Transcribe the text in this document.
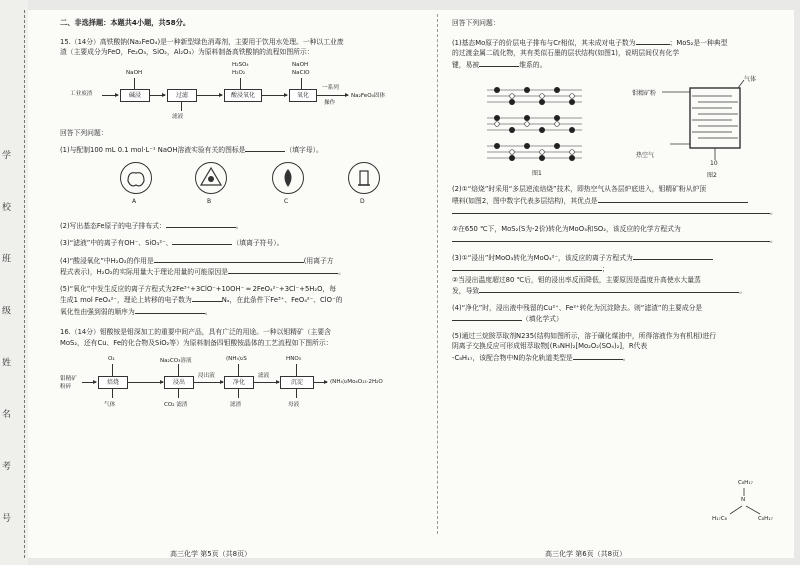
学 校 班 级 姓 名 考 号

二、非选择题：本题共4小题，共58分。

15.（14分）高铁酸钠(Na₂FeO₄)是一种新型绿色消毒剂，主要用于饮用水处理。一种以工业废

渣（主要成分为FeO，Fe₂O₃，SiO₂，Al₂O₃）为原料制备高铁酸钠的流程如图所示：

工业废渣
NaOH
碱浸	过滤
滤液
H₂SO₄
H₂O₂
酸浸氧化
NaOH
NaClO
氧化
一系列
操作
Na₂FeO₄固体

回答下列问题：

(1)与配制100 mL 0.1 mol·L⁻¹ NaOH溶液实验有关的图标是	（填字母）。

A	B	C	D

(2)写出基态Fe原子的电子排布式：	。

(3)“滤液”中的离子有OH⁻、SiO₃²⁻、	（填离子符号）。

(4)“酸浸氧化”中H₂O₂的作用是	(用离子方

程式表示)，H₂O₂的实际用量大于理论用量的可能原因是	。

(5)“氧化”中发生反应的离子方程式为2Fe³⁺+3ClO⁻+10OH⁻ ═ 2FeO₄²⁻+3Cl⁻+5H₂O，每

生成1 mol FeO₄²⁻，理论上转移的电子数为	Nₐ，在此条件下Fe³⁺、FeO₄²⁻、ClO⁻的

氧化性由强到弱的顺序为	。

16.（14分）钼酸铵是钼深加工的重要中间产品，具有广泛的用途。一种以钼精矿（主要含

MoS₂，还有Cu、Fe的化合物及SiO₂等）为原料制备四钼酸铵晶体的工艺流程如下图所示：

钼精矿
粉碎
O₂
焙烧
气体
Na₂CO₃溶液
浸出
CO₂ 滤渣
浸出液
(NH₄)₂S
净化
滤渣
滤液
HNO₃
沉淀
母液
(NH₄)₂Mo₄O₁₃·2H₂O
高三化学 第5页（共8页）

回答下列问题：

(1)基态Mo原子的价层电子排布与Cr相似，其未成对电子数为	；MoS₂是一种典型

的过渡金属二硫化物，其有类似石墨的层状结构(如图1)，说明层间仅有化学

键，易被	维系的。

图1
气体
钼精矿粉
热空气
10
图2

(2)①“焙烧”时采用“多层逆流焙烧”技术，即热空气从各层炉底进入，钼精矿粉从炉顶

喂料(如图2，图中数字代表多层结构)，其优点是

。

②在650 ℃下，MoS₂(S为-2价)转化为MoO₃和SO₂，该反应的化学方程式为

。

(3)①“浸出”时MoO₃转化为MoO₄²⁻，该反应的离子方程式为

；

②当浸出温度超过80 ℃后，钼的浸出率反而降低，主要原因是温度升高使水大量蒸

发，导致	。

(4)“净化”时，浸出液中残留的Cu²⁺、Fe²⁺转化为沉淀除去。则“滤渣”的主要成分是

（填化学式）

(5)通过三烷胺萃取剂N235(结构如图所示，溶于磺化煤油中，所得溶液作为有机相)进行

阴离子交换反应可形成钼萃取物[(R₃NH)₂[Mo₂O₂(SO₄)₂]，R代表

-C₈H₁₇，该配合物中N的杂化轨道类型是	。

C₈H₁₇
N
H₁₇C₈	C₈H₁₇
高三化学 第6页（共8页）
